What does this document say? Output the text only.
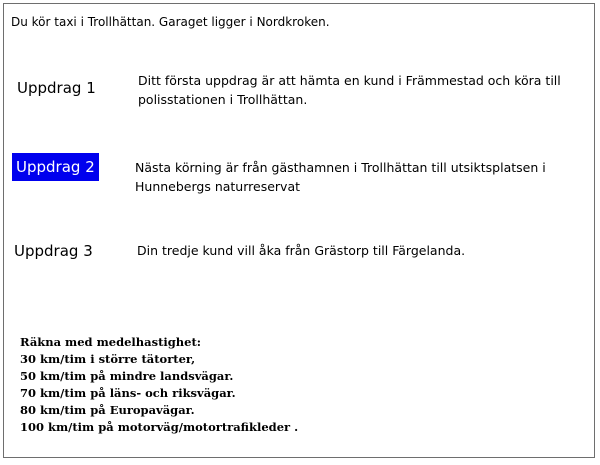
Du kör taxi i Trollhättan. Garaget ligger i Nordkroken.
Uppdrag 1	Ditt första uppdrag är att hämta en kund i Främmestad och köra till polisstationen i Trollhättan.
Uppdrag 2	Nästa körning är från gästhamnen i Trollhättan till utsiktsplatsen i Hunnebergs naturreservat
Uppdrag 3	Din tredje kund vill åka från Grästorp till Färgelanda.
Räkna med medelhastighet:
30 km/tim i större tätorter,
50 km/tim på mindre landsvägar.
70 km/tim på läns- och riksvägar.
80 km/tim på Europavägar.
100 km/tim på motorväg/motortrafikleder .
